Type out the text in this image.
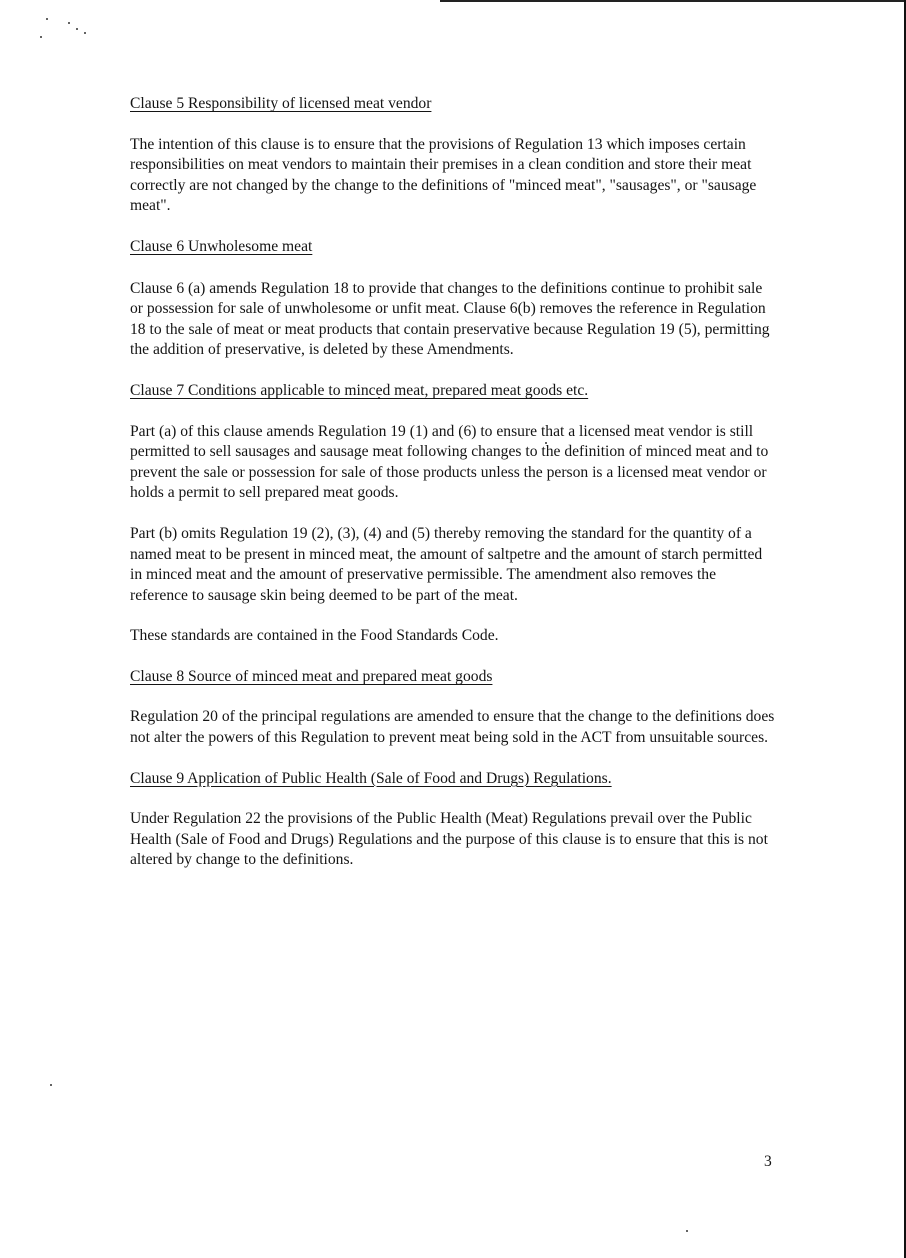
Clause 5 Responsibility of licensed meat vendor

The intention of this clause is to ensure that the provisions of Regulation 13 which imposes certain responsibilities on meat vendors to maintain their premises in a clean condition and store their meat correctly are not changed by the change to the definitions of "minced meat", "sausages", or "sausage meat".

Clause 6 Unwholesome meat

Clause 6 (a) amends Regulation 18 to provide that changes to the definitions continue to prohibit sale or possession for sale of unwholesome or unfit meat. Clause 6(b) removes the reference in Regulation 18 to the sale of meat or meat products that contain preservative because Regulation 19 (5), permitting the addition of preservative, is deleted by these Amendments.

Clause 7 Conditions applicable to minced meat, prepared meat goods etc.

Part (a) of this clause amends Regulation 19 (1) and (6) to ensure that a licensed meat vendor is still permitted to sell sausages and sausage meat following changes to the definition of minced meat and to prevent the sale or possession for sale of those products unless the person is a licensed meat vendor or holds a permit to sell prepared meat goods.

Part (b) omits Regulation 19 (2), (3), (4) and (5) thereby removing the standard for the quantity of a named meat to be present in minced meat, the amount of saltpetre and the amount of starch permitted in minced meat and the amount of preservative permissible. The amendment also removes the reference to sausage skin being deemed to be part of the meat.

These standards are contained in the Food Standards Code.

Clause 8 Source of minced meat and prepared meat goods

Regulation 20 of the principal regulations are amended to ensure that the change to the definitions does not alter the powers of this Regulation to prevent meat being sold in the ACT from unsuitable sources.

Clause 9 Application of Public Health (Sale of Food and Drugs) Regulations.

Under Regulation 22 the provisions of the Public Health (Meat) Regulations prevail over the Public Health (Sale of Food and Drugs) Regulations and the purpose of this clause is to ensure that this is not altered by change to the definitions.

3
